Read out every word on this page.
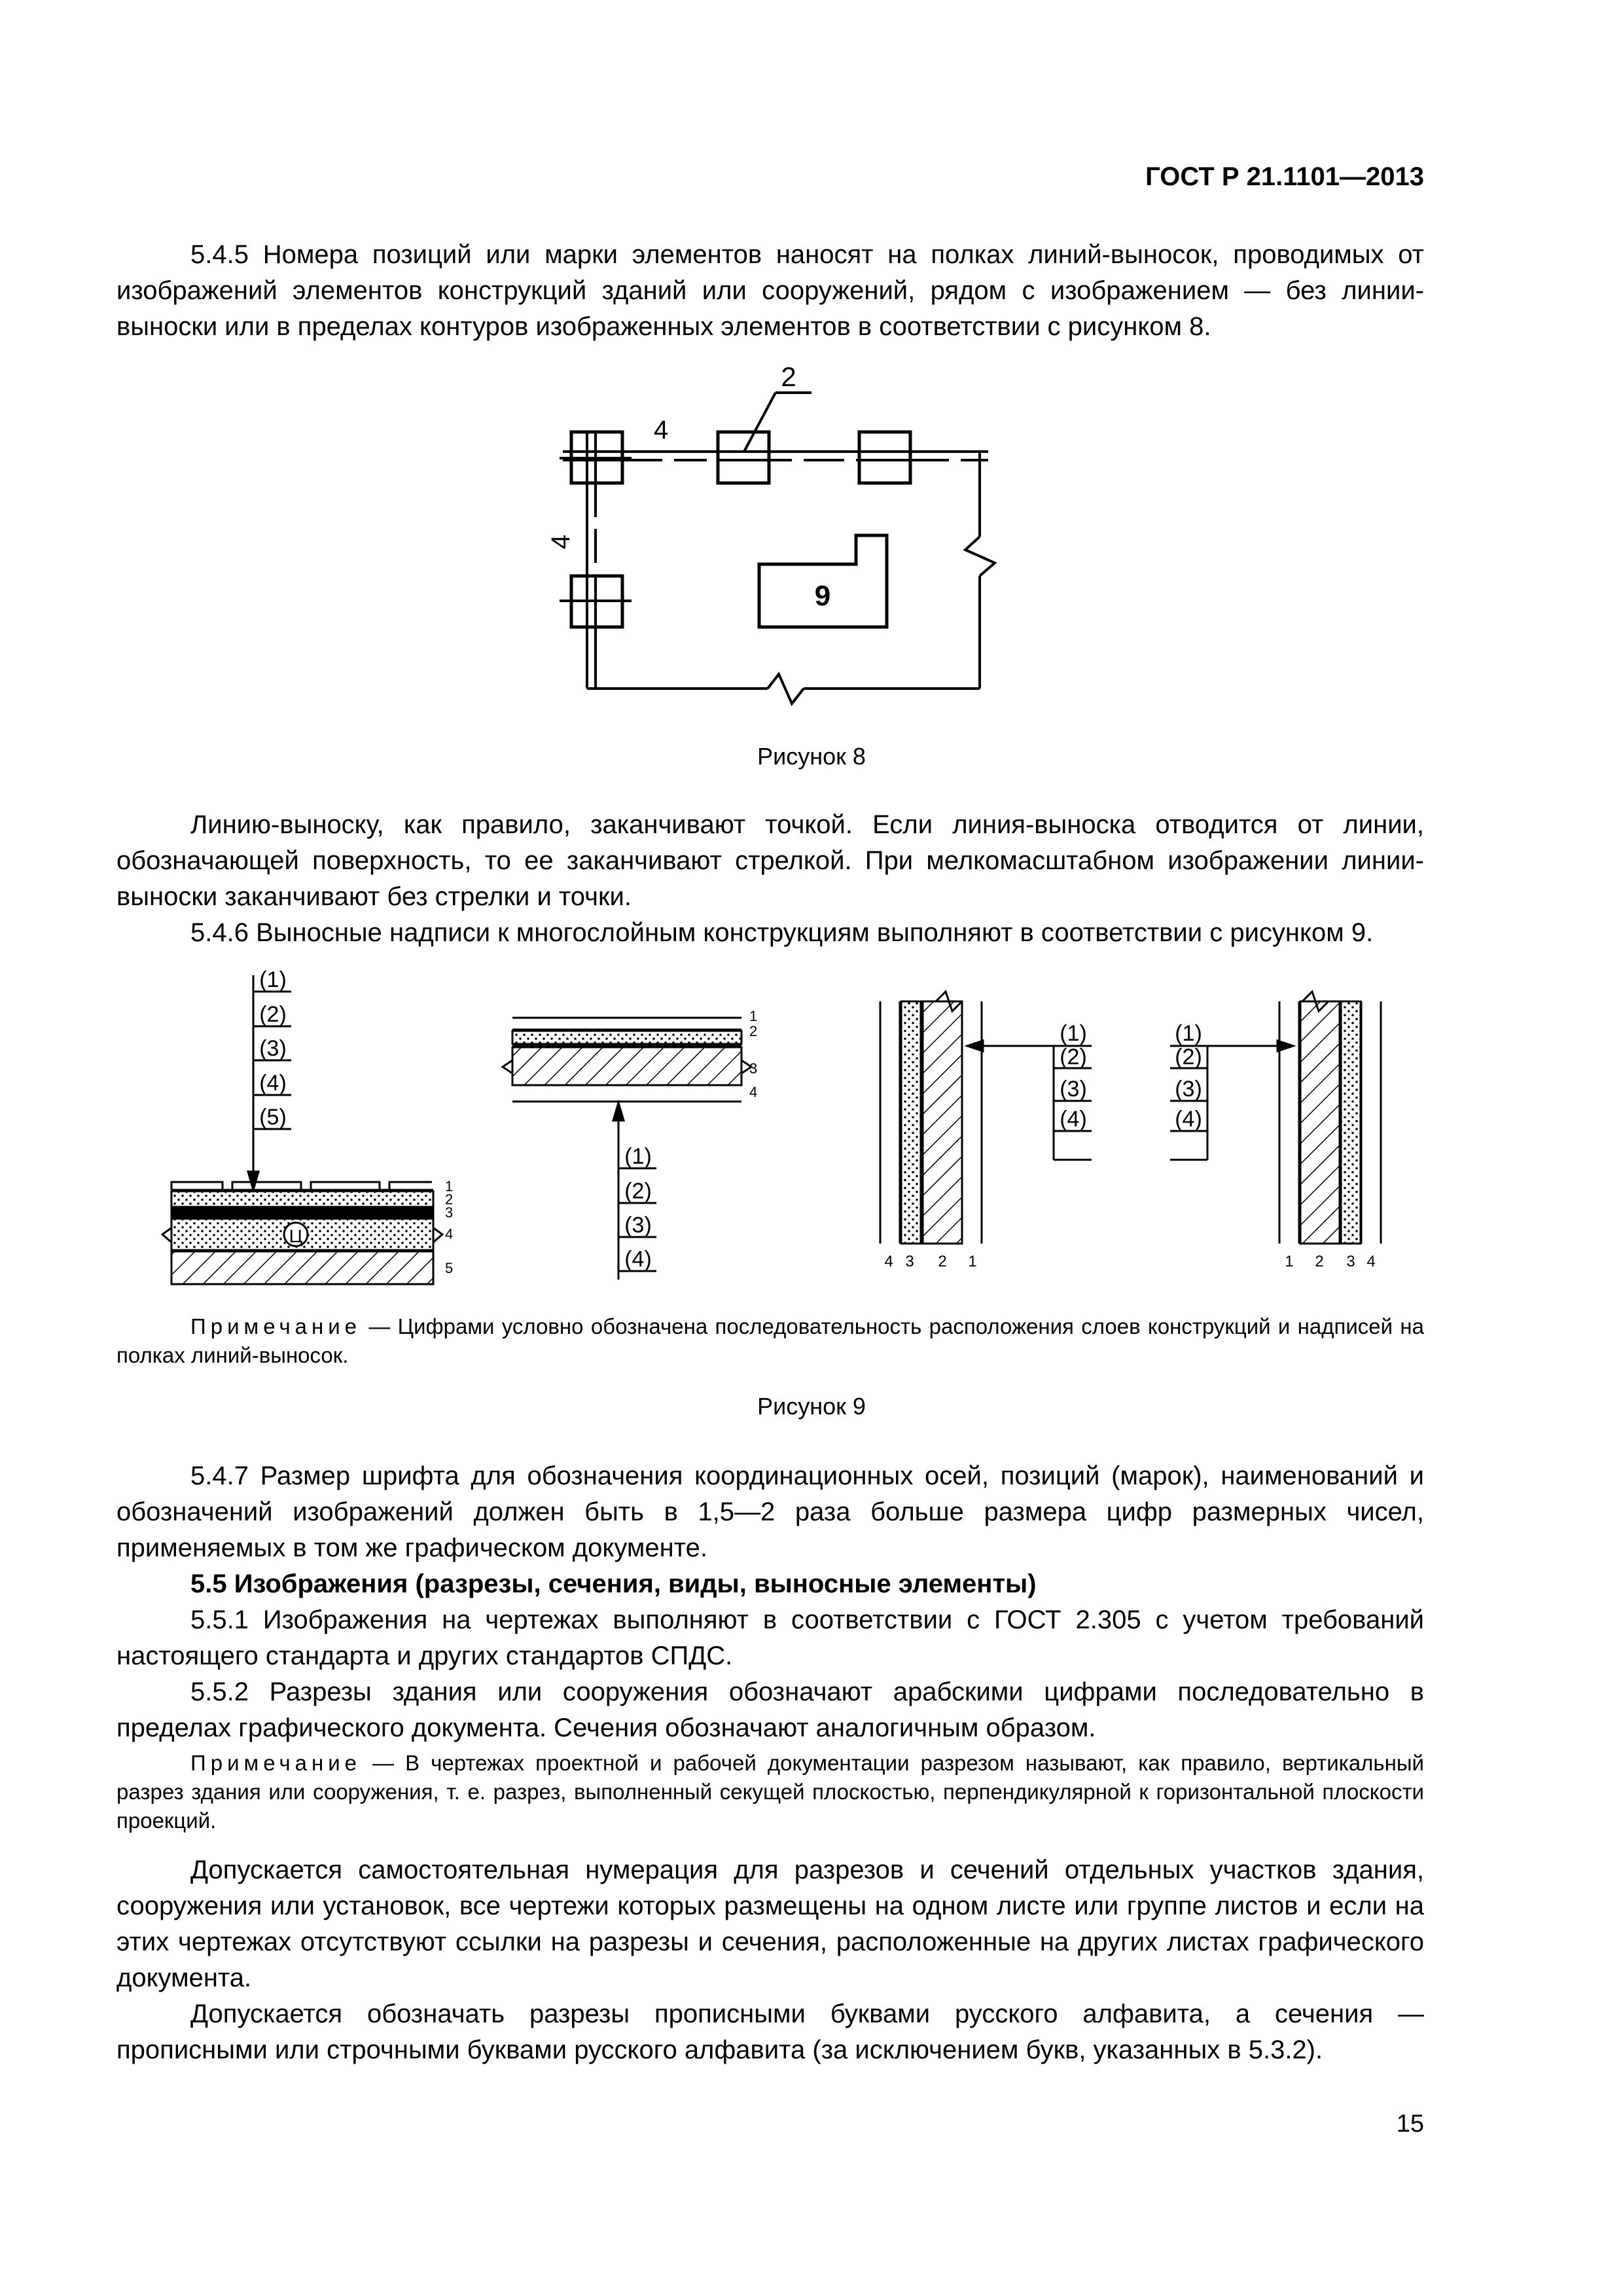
ГОСТ Р 21.1101—2013
5.4.5 Номера позиций или марки элементов наносят на полках линий-выносок, проводимых от изображений элементов конструкций зданий или сооружений, рядом с изображением — без линии-выноски или в пределах контуров изображенных элементов в соответствии с рисунком 8.
2
4
4
9
Рисунок 8
Линию-выноску, как правило, заканчивают точкой. Если линия-выноска отводится от линии, обозначающей поверхность, то ее заканчивают стрелкой. При мелкомасштабном изображении линии-выноски заканчивают без стрелки и точки.
5.4.6 Выносные надписи к многослойным конструкциям выполняют в соответствии с рисунком 9.
Ц
(1)
(2)
(3)
(4)
(5)
1
2
3
4
5
1
2
3
4
(1)
(2)
(3)
(4)
(1)
(2)
(3)
(4)
4 3 2 1
(1)
(2)
(3)
(4)
1 2 3 4
Примечание — Цифрами условно обозначена последовательность расположения слоев конструкций и надписей на полках линий-выносок.
Рисунок 9
5.4.7 Размер шрифта для обозначения координационных осей, позиций (марок), наименований и обозначений изображений должен быть в 1,5—2 раза больше размера цифр размерных чисел, применяемых в том же графическом документе.
5.5 Изображения (разрезы, сечения, виды, выносные элементы)
5.5.1 Изображения на чертежах выполняют в соответствии с ГОСТ 2.305 с учетом требований настоящего стандарта и других стандартов СПДС.
5.5.2 Разрезы здания или сооружения обозначают арабскими цифрами последовательно в пределах графического документа. Сечения обозначают аналогичным образом.
Примечание — В чертежах проектной и рабочей документации разрезом называют, как правило, вертикальный разрез здания или сооружения, т. е. разрез, выполненный секущей плоскостью, перпендикулярной к горизонтальной плоскости проекций.
Допускается самостоятельная нумерация для разрезов и сечений отдельных участков здания, сооружения или установок, все чертежи которых размещены на одном листе или группе листов и если на этих чертежах отсутствуют ссылки на разрезы и сечения, расположенные на других листах графического документа.
Допускается обозначать разрезы прописными буквами русского алфавита, а сечения — прописными или строчными буквами русского алфавита (за исключением букв, указанных в 5.3.2).
15
